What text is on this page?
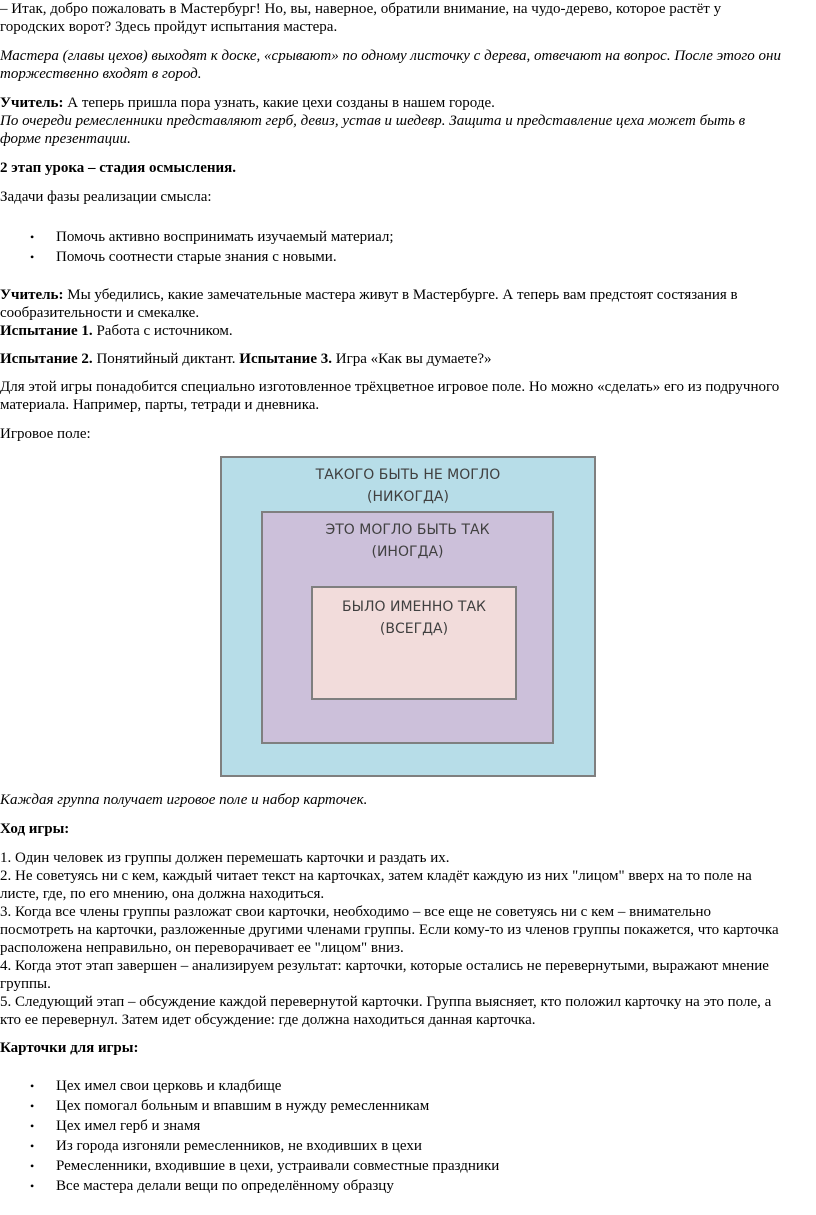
– Итак, добро пожаловать в Мастербург! Но, вы, наверное, обратили внимание, на чудо-дерево, которое растёт у
городских ворот? Здесь пройдут испытания мастера.

Мастера (главы цехов) выходят к доске, «срывают» по одному листочку с дерева, отвечают на вопрос. После этого они
торжественно входят в город.

Учитель: А теперь пришла пора узнать, какие цехи созданы в нашем городе.
По очереди ремесленники представляют герб, девиз, устав и шедевр. Защита и представление цеха может быть в
форме презентации.

2 этап урока – стадия осмысления.

Задачи фазы реализации смысла:

• Помочь активно воспринимать изучаемый материал;
• Помочь соотнести старые знания с новыми.

Учитель: Мы убедились, какие замечательные мастера живут в Мастербурге. А теперь вам предстоят состязания в
сообразительности и смекалке.
Испытание 1. Работа с источником.

Испытание 2. Понятийный диктант. Испытание 3. Игра «Как вы думаете?»

Для этой игры понадобится специально изготовленное трёхцветное игровое поле. Но можно «сделать» его из подручного
материала. Например, парты, тетради и дневника.

Игровое поле:

ТАКОГО БЫТЬ НЕ МОГЛО
(НИКОГДА)
ЭТО МОГЛО БЫТЬ ТАК
(ИНОГДА)
БЫЛО ИМЕННО ТАК
(ВСЕГДА)

Каждая группа получает игровое поле и набор карточек.

Ход игры:

1. Один человек из группы должен перемешать карточки и раздать их.
2. Не советуясь ни с кем, каждый читает текст на карточках, затем кладёт каждую из них "лицом" вверх на то поле на
листе, где, по его мнению, она должна находиться.
3. Когда все члены группы разложат свои карточки, необходимо – все еще не советуясь ни с кем – внимательно
посмотреть на карточки, разложенные другими членами группы. Если кому-то из членов группы покажется, что карточка
расположена неправильно, он переворачивает ее "лицом" вниз.
4. Когда этот этап завершен – анализируем результат: карточки, которые остались не перевернутыми, выражают мнение
группы.
5. Следующий этап – обсуждение каждой перевернутой карточки. Группа выясняет, кто положил карточку на это поле, а
кто ее перевернул. Затем идет обсуждение: где должна находиться данная карточка.

Карточки для игры:

• Цех имел свои церковь и кладбище
• Цех помогал больным и впавшим в нужду ремесленникам
• Цех имел герб и знамя
• Из города изгоняли ремесленников, не входивших в цехи
• Ремесленники, входившие в цехи, устраивали совместные праздники
• Все мастера делали вещи по определённому образцу
